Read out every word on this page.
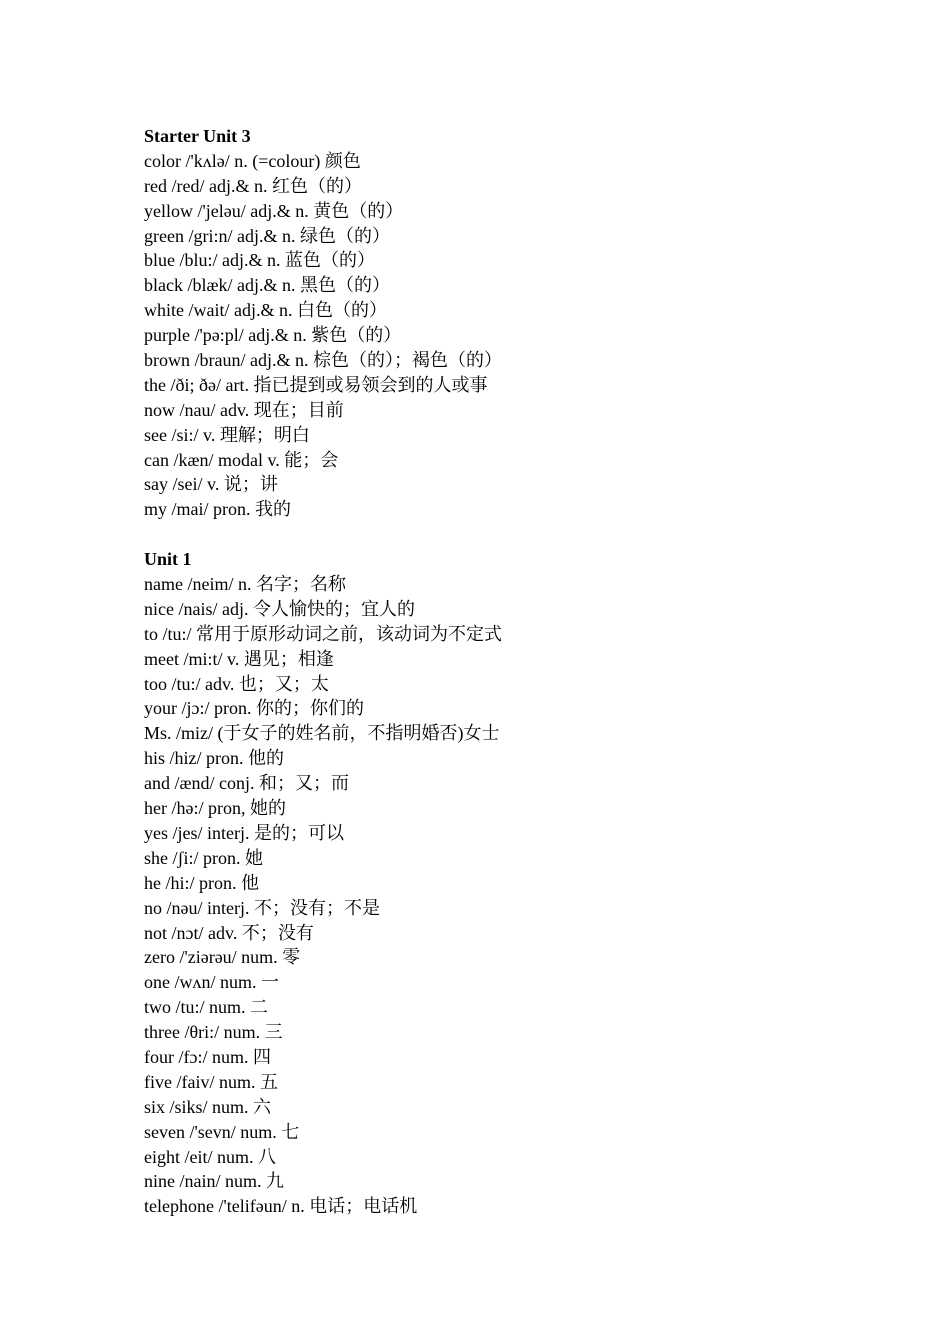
Starter Unit 3
color /'kʌlə/ n. (=colour) 颜色
red /red/ adj.& n. 红色（的）
yellow /'jeləu/ adj.& n. 黄色（的）
green /gri:n/ adj.& n. 绿色（的）
blue /blu:/ adj.& n. 蓝色（的）
black /blæk/ adj.& n. 黑色（的）
white /wait/ adj.& n. 白色（的）
purple /'pə:pl/ adj.& n. 紫色（的）
brown /braun/ adj.& n. 棕色（的）；褐色（的）
the /ði; ðə/ art. 指已提到或易领会到的人或事
now /nau/ adv. 现在；目前
see /si:/ v. 理解；明白
can /kæn/ modal v. 能；会
say /sei/ v. 说；讲
my /mai/ pron. 我的
Unit 1
name /neim/ n. 名字；名称
nice /nais/ adj. 令人愉快的；宜人的
to /tu:/ 常用于原形动词之前，该动词为不定式
meet /mi:t/ v. 遇见；相逢
too /tu:/ adv. 也；又；太
your /jɔ:/ pron. 你的；你们的
Ms. /miz/ (于女子的姓名前，不指明婚否)女士
his /hiz/ pron. 他的
and /ænd/ conj. 和；又；而
her /hə:/ pron, 她的
yes /jes/ interj. 是的；可以
she /ʃi:/ pron. 她
he /hi:/ pron. 他
no /nəu/ interj. 不；没有；不是
not /nɔt/ adv. 不；没有
zero /'ziərəu/ num. 零
one /wʌn/ num. 一
two /tu:/ num. 二
three /θri:/ num. 三
four /fɔ:/ num. 四
five /faiv/ num. 五
six /siks/ num. 六
seven /'sevn/ num. 七
eight /eit/ num. 八
nine /nain/ num. 九
telephone /'telifəun/ n. 电话；电话机
